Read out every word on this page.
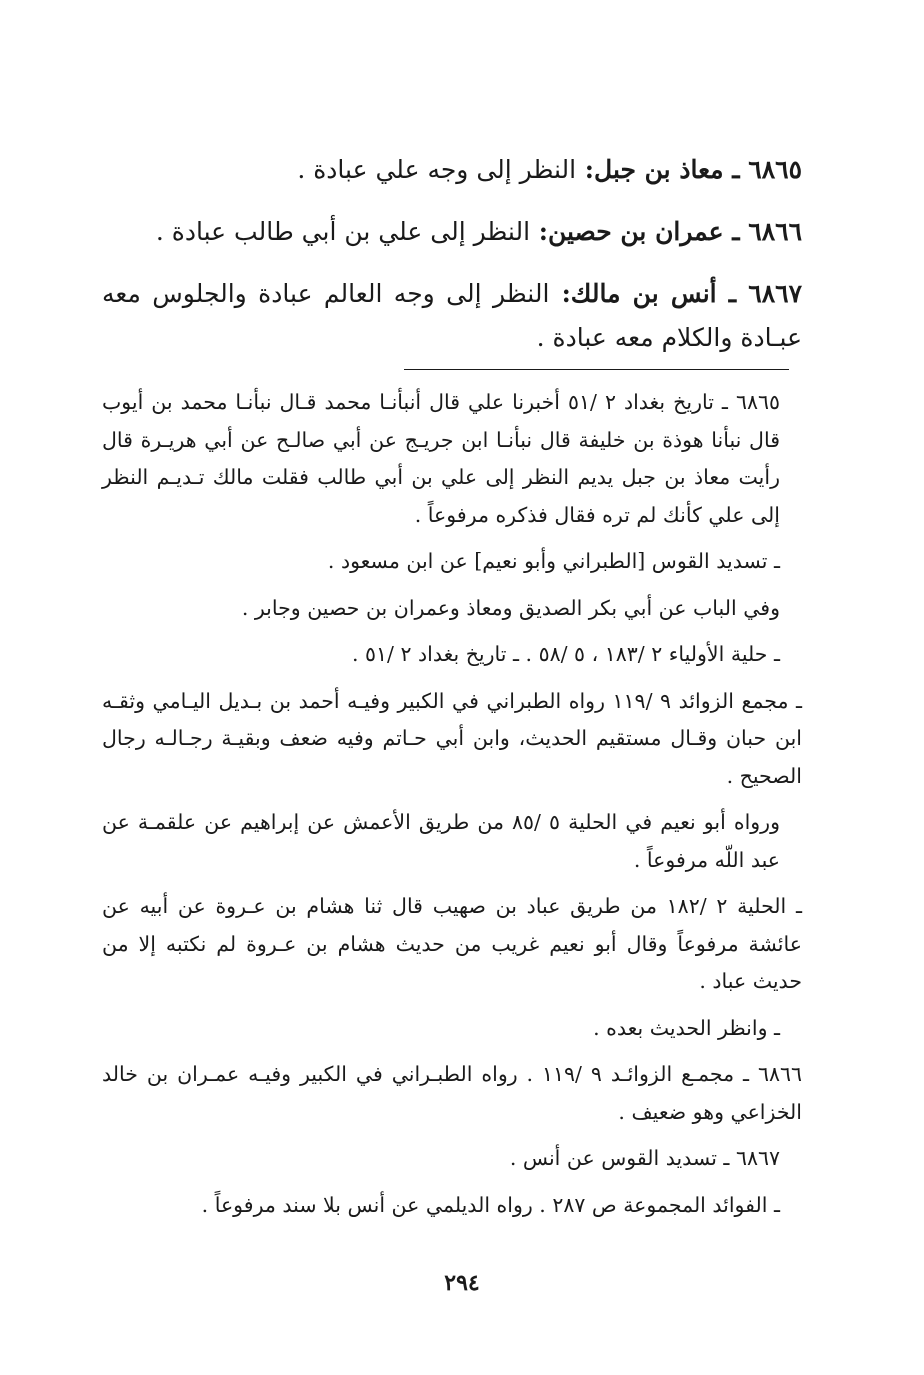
٦٨٦٥ ـ معاذ بن جبل: النظر إلى وجه علي عبادة .

٦٨٦٦ ـ عمران بن حصين: النظر إلى علي بن أبي طالب عبادة .

٦٨٦٧ ـ أنس بن مالك: النظر إلى وجه العالم عبادة والجلوس معه عبـادة والكلام معه عبادة .

٦٨٦٥ ـ تاريخ بغداد ٢ /٥١ أخبرنا علي قال أنبأنـا محمد قـال نبأنـا محمد بن أيوب قال نبأنا هوذة بن خليفة قال نبأنـا ابن جريـج عن أبي صالـح عن أبي هريـرة قال رأيت معاذ بن جبل يديم النظر إلى علي بن أبي طالب فقلت مالك تـديـم النظر إلى علي كأنك لم تره فقال فذكره مرفوعاً .

ـ تسديد القوس [الطبراني وأبو نعيم] عن ابن مسعود .

وفي الباب عن أبي بكر الصديق ومعاذ وعمران بن حصين وجابر .

ـ حلية الأولياء ٢ /١٨٣ ، ٥ /٥٨ . ـ تاريخ بغداد ٢ /٥١ .

ـ مجمع الزوائد ٩ /١١٩ رواه الطبراني في الكبير وفيـه أحمد بن بـديل اليـامي وثقـه ابن حبان وقـال مستقيم الحديث، وابن أبي حـاتم وفيه ضعف وبقيـة رجـالـه رجال الصحيح .

ورواه أبو نعيم في الحلية ٥ /٨٥ من طريق الأعمش عن إبراهيم عن علقمـة عن عبد اللّه مرفوعاً .

ـ الحلية ٢ /١٨٢ من طريق عباد بن صهيب قال ثنا هشام بن عـروة عن أبيه عن عائشة مرفوعاً وقال أبو نعيم غريب من حديث هشام بن عـروة لم نكتبه إلا من حديث عباد .

ـ وانظر الحديث بعده .

٦٨٦٦ ـ مجمـع الزوائـد ٩ /١١٩ . رواه الطبـراني في الكبير وفيـه عمـران بن خالد الخزاعي وهو ضعيف .

٦٨٦٧ ـ تسديد القوس عن أنس .

ـ الفوائد المجموعة ص ٢٨٧ . رواه الديلمي عن أنس بلا سند مرفوعاً .

٢٩٤
